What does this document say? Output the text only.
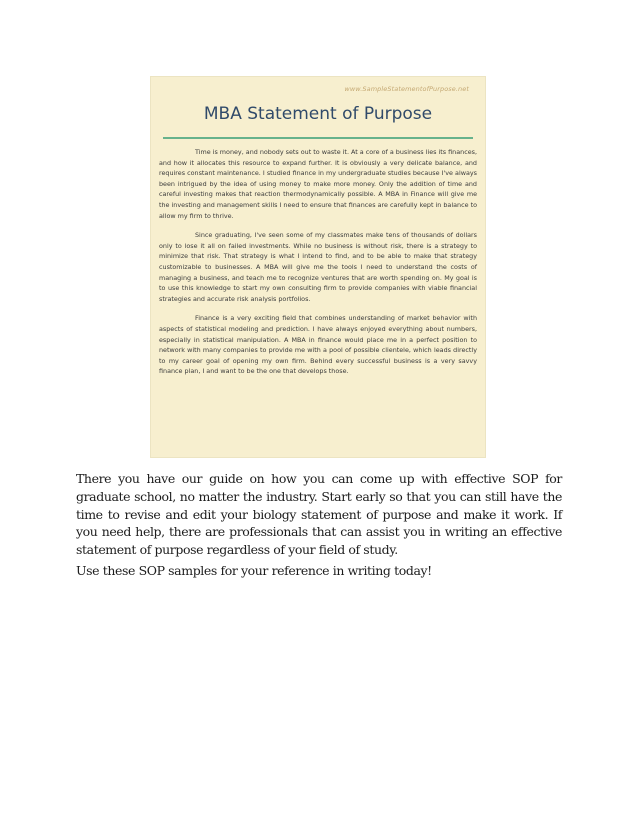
www.SampleStatementofPurpose.net
MBA Statement of Purpose

Time is money, and nobody sets out to waste it. At a core of a business lies its finances, and how it allocates this resource to expand further. It is obviously a very delicate balance, and requires constant maintenance. I studied finance in my undergraduate studies because I've always been intrigued by the idea of using money to make more money. Only the addition of time and careful investing makes that reaction thermodynamically possible. A MBA in Finance will give me the investing and management skills I need to ensure that finances are carefully kept in balance to allow my firm to thrive.

Since graduating, I've seen some of my classmates make tens of thousands of dollars only to lose it all on failed investments. While no business is without risk, there is a strategy to minimize that risk. That strategy is what I intend to find, and to be able to make that strategy customizable to businesses. A MBA will give me the tools I need to understand the costs of managing a business, and teach me to recognize ventures that are worth spending on. My goal is to use this knowledge to start my own consulting firm to provide companies with viable financial strategies and accurate risk analysis portfolios.

Finance is a very exciting field that combines understanding of market behavior with aspects of statistical modeling and prediction. I have always enjoyed everything about numbers, especially in statistical manipulation. A MBA in finance would place me in a perfect position to network with many companies to provide me with a pool of possible clientele, which leads directly to my career goal of opening my own firm. Behind every successful business is a very savvy finance plan, I and want to be the one that develops those.

There you have our guide on how you can come up with effective SOP for graduate school, no matter the industry. Start early so that you can still have the time to revise and edit your biology statement of purpose and make it work. If you need help, there are professionals that can assist you in writing an effective statement of purpose regardless of your field of study.
Use these SOP samples for your reference in writing today!
